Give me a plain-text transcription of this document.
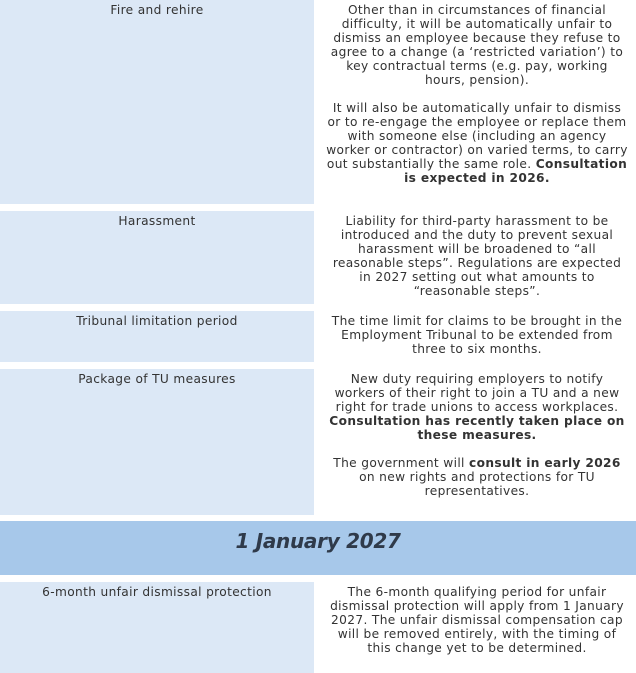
Fire and rehire	Other than in circumstances of financial difficulty, it will be automatically unfair to dismiss an employee because they refuse to agree to a change (a ‘restricted variation’) to key contractual terms (e.g. pay, working hours, pension).

It will also be automatically unfair to dismiss or to re-engage the employee or replace them with someone else (including an agency worker or contractor) on varied terms, to carry out substantially the same role. Consultation is expected in 2026.

Harassment	Liability for third-party harassment to be introduced and the duty to prevent sexual harassment will be broadened to “all reasonable steps”. Regulations are expected in 2027 setting out what amounts to “reasonable steps”.

Tribunal limitation period	The time limit for claims to be brought in the Employment Tribunal to be extended from three to six months.

Package of TU measures	New duty requiring employers to notify workers of their right to join a TU and a new right for trade unions to access workplaces. Consultation has recently taken place on these measures.

The government will consult in early 2026 on new rights and protections for TU representatives.

1 January 2027
6-month unfair dismissal protection	The 6-month qualifying period for unfair dismissal protection will apply from 1 January 2027. The unfair dismissal compensation cap will be removed entirely, with the timing of this change yet to be determined.
